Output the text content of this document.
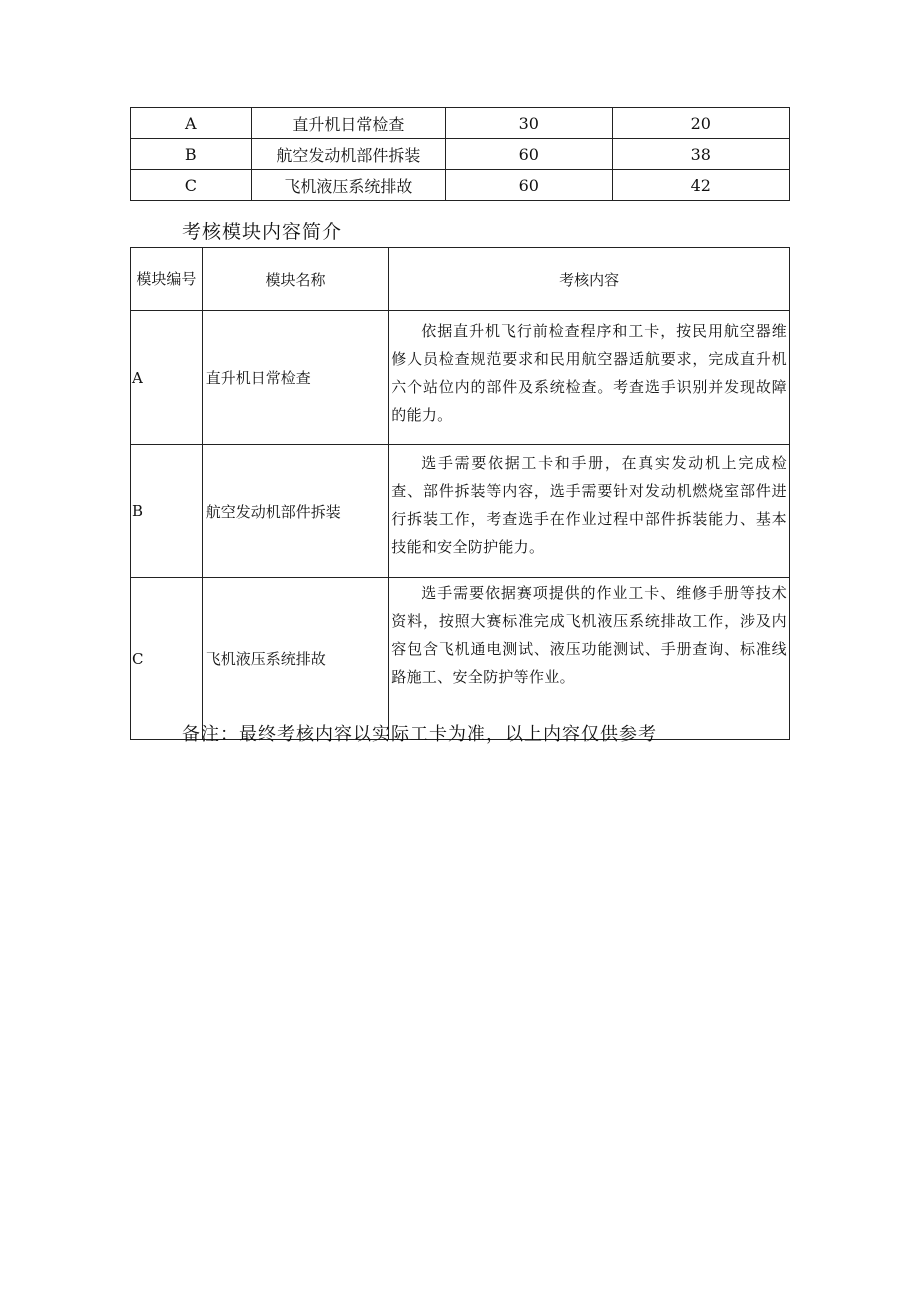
A	直升机日常检查	30	20
B	航空发动机部件拆装	60	38
C	飞机液压系统排故	60	42
考核模块内容简介
模块编号	模块名称	考核内容
A	直升机日常检查	依据直升机飞行前检查程序和工卡，按民用航空器维修人员检查规范要求和民用航空器适航要求，完成直升机六个站位内的部件及系统检查。考查选手识别并发现故障的能力。
B	航空发动机部件拆装	选手需要依据工卡和手册，在真实发动机上完成检查、部件拆装等内容，选手需要针对发动机燃烧室部件进行拆装工作，考查选手在作业过程中部件拆装能力、基本技能和安全防护能力。
C	飞机液压系统排故	选手需要依据赛项提供的作业工卡、维修手册等技术资料，按照大赛标准完成飞机液压系统排故工作，涉及内容包含飞机通电测试、液压功能测试、手册查询、标准线路施工、安全防护等作业。

备注：最终考核内容以实际工卡为准，以上内容仅供参考
